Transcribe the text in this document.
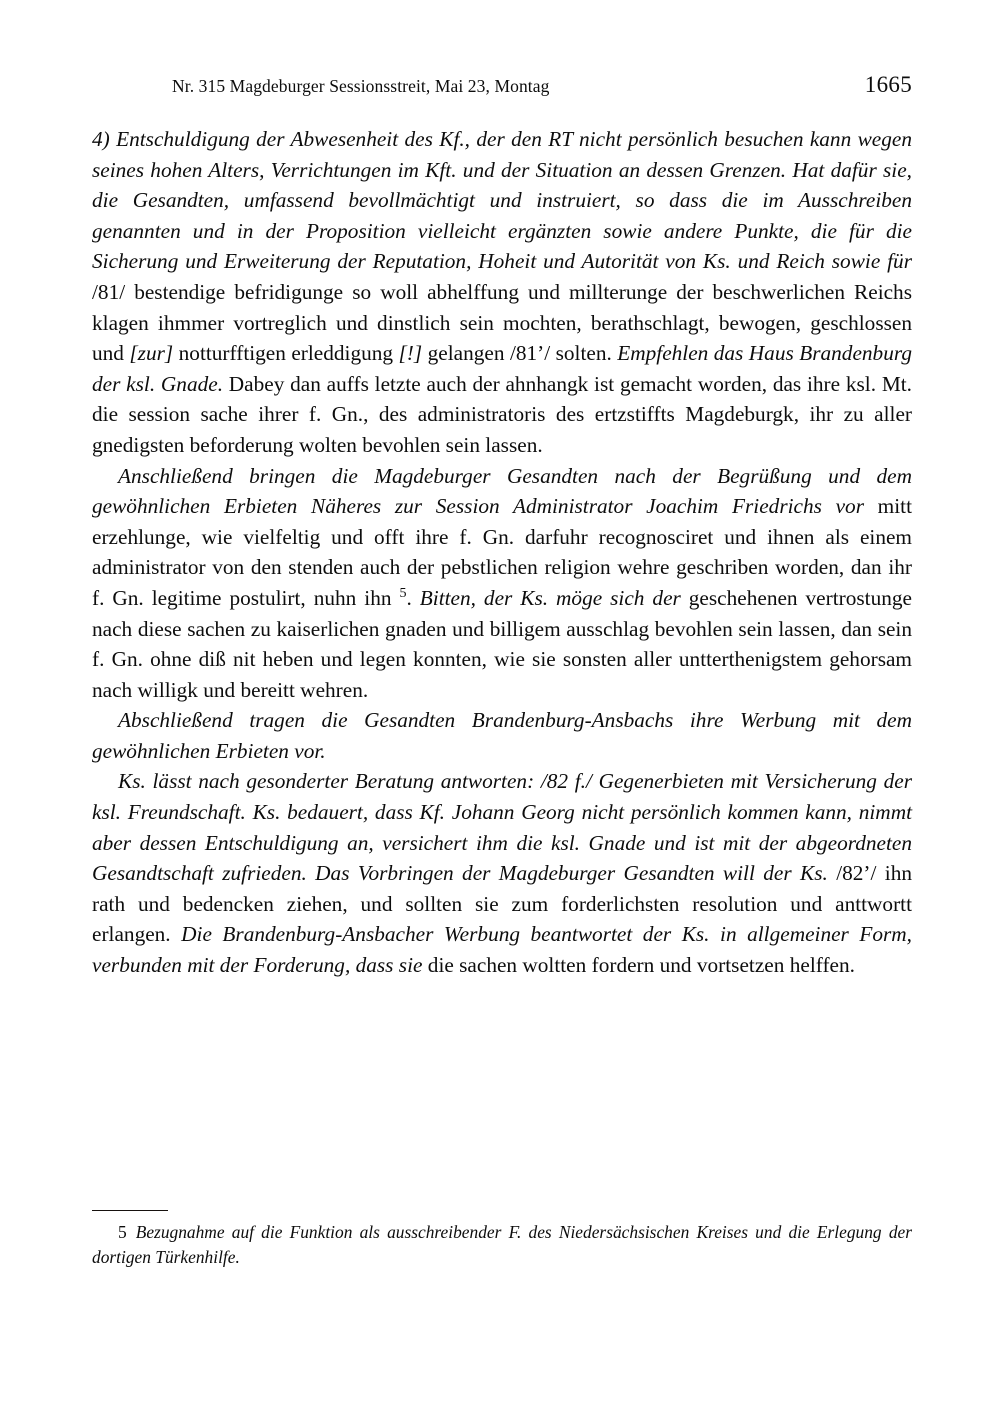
Nr. 315 Magdeburger Sessionsstreit, Mai 23, Montag	1665

4) Entschuldigung der Abwesenheit des Kf., der den RT nicht persönlich besuchen kann wegen seines hohen Alters, Verrichtungen im Kft. und der Situation an dessen Grenzen. Hat dafür sie, die Gesandten, umfassend bevollmächtigt und instruiert, so dass die im Ausschreiben genannten und in der Proposition vielleicht ergänzten sowie andere Punkte, die für die Sicherung und Erweiterung der Reputation, Hoheit und Autorität von Ks. und Reich sowie für /81/ bestendige befridigunge so woll abhelffung und millterunge der beschwerlichen Reichs klagen ihmmer vortreglich und dinstlich sein mochten, berathschlagt, bewogen, geschlossen und [zur] notturfftigen erleddigung [!] gelangen /81’/ solten. Empfehlen das Haus Brandenburg der ksl. Gnade. Dabey dan auffs letzte auch der ahnhangk ist gemacht worden, das ihre ksl. Mt. die session sache ihrer f. Gn., des administratoris des ertzstiffts Magdeburgk, ihr zu aller gnedigsten beforderung wolten bevohlen sein lassen.

Anschließend bringen die Magdeburger Gesandten nach der Begrüßung und dem gewöhnlichen Erbieten Näheres zur Session Administrator Joachim Friedrichs vor mitt erzehlunge, wie vielfeltig und offt ihre f. Gn. darfuhr recognosciret und ihnen als einem administrator von den stenden auch der pebstlichen religion wehre geschriben worden, dan ihr f. Gn. legitime postulirt, nuhn ihn $^5$. Bitten, der Ks. möge sich der geschehenen vertrostunge nach diese sachen zu kaiserlichen gnaden und billigem ausschlag bevohlen sein lassen, dan sein f. Gn. ohne diß nit heben und legen konnten, wie sie sonsten aller untterthenigstem gehorsam nach willigk und bereitt wehren.

Abschließend tragen die Gesandten Brandenburg-Ansbachs ihre Werbung mit dem gewöhnlichen Erbieten vor.

Ks. lässt nach gesonderter Beratung antworten: /82 f./ Gegenerbieten mit Versicherung der ksl. Freundschaft. Ks. bedauert, dass Kf. Johann Georg nicht persönlich kommen kann, nimmt aber dessen Entschuldigung an, versichert ihm die ksl. Gnade und ist mit der abgeordneten Gesandtschaft zufrieden. Das Vorbringen der Magdeburger Gesandten will der Ks. /82’/ ihn rath und bedencken ziehen, und sollten sie zum forderlichsten resolution und anttwortt erlangen. Die Brandenburg-Ansbacher Werbung beantwortet der Ks. in allgemeiner Form, verbunden mit der Forderung, dass sie die sachen woltten fordern und vortsetzen helffen.

5 Bezugnahme auf die Funktion als ausschreibender F. des Niedersächsischen Kreises und die Erlegung der dortigen Türkenhilfe.
